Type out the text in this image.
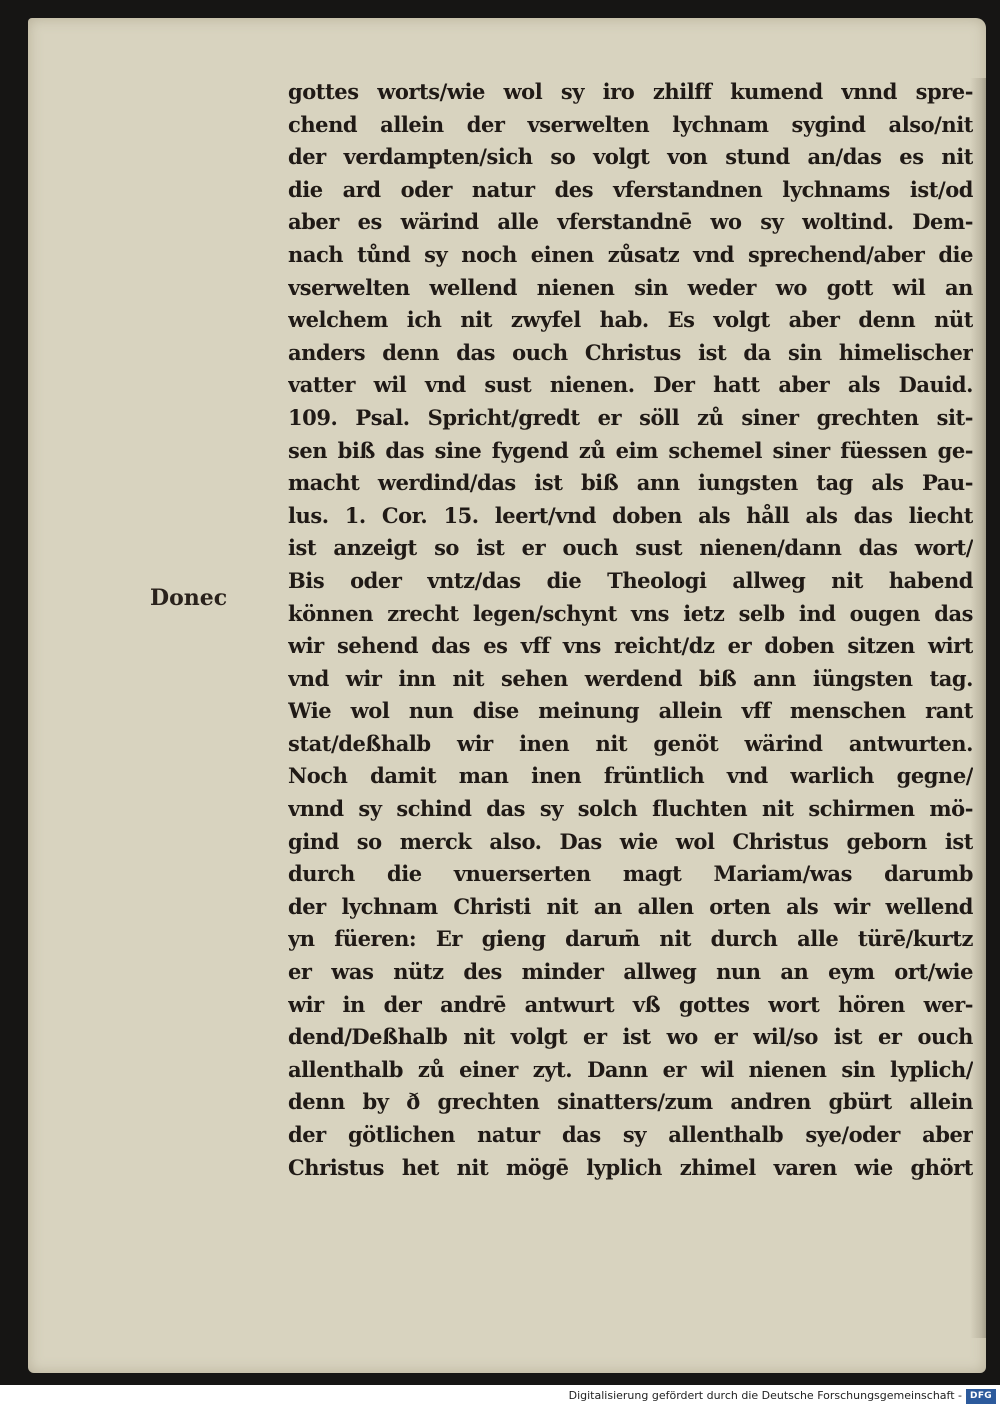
Donec
gottes worts/wie wol sy iro zhilff kumend vnnd spre-
chend allein der vserwelten lychnam sygind also/nit
der verdampten/sich so volgt von stund an/das es nit
die ard oder natur des vferstandnen lychnams ist/od
aber es wärind alle vferstandnē wo sy woltind. Dem-
nach tůnd sy noch einen zůsatz vnd sprechend/aber die
vserwelten wellend nienen sin weder wo gott wil an
welchem ich nit zwyfel hab. Es volgt aber denn nüt
anders denn das ouch Christus ist da sin himelischer
vatter wil vnd sust nienen. Der hatt aber als Dauid.
109. Psal. Spricht/gredt er söll zů siner grechten sit-
sen biß das sine fygend zů eim schemel siner füessen ge-
macht werdind/das ist biß ann iungsten tag als Pau-
lus. 1. Cor. 15. leert/vnd doben als håll als das liecht
ist anzeigt so ist er ouch sust nienen/dann das wort/
Bis oder vntz/das die Theologi allweg nit habend
können zrecht legen/schynt vns ietz selb ind ougen das
wir sehend das es vff vns reicht/dz er doben sitzen wirt
vnd wir inn nit sehen werdend biß ann iüngsten tag.
Wie wol nun dise meinung allein vff menschen rant
stat/deßhalb wir inen nit genöt wärind antwurten.
Noch damit man inen früntlich vnd warlich gegne/
vnnd sy schind das sy solch fluchten nit schirmen mö-
gind so merck also. Das wie wol Christus geborn ist
durch die vnuerserten magt Mariam/was darumb
der lychnam Christi nit an allen orten als wir wellend
yn füeren: Er gieng darum̄ nit durch alle türē/kurtz
er was nütz des minder allweg nun an eym ort/wie
wir in der andrē antwurt vß gottes wort hören wer-
dend/Deßhalb nit volgt er ist wo er wil/so ist er ouch
allenthalb zů einer zyt. Dann er wil nienen sin lyplich/
denn by ð grechten sinatters/zum andren gbürt allein
der götlichen natur das sy allenthalb sye/oder aber
Christus het nit mögē lyplich zhimel varen wie ghört
Digitalisierung gefördert durch die Deutsche Forschungsgemeinschaft - DFG
